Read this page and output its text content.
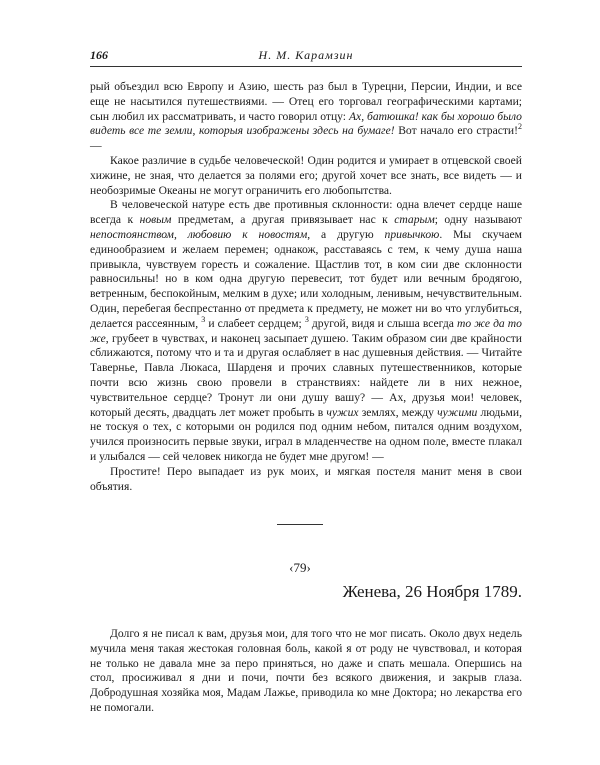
166	Н. М. Карамзин

рый объездил всю Европу и Азию, шесть раз был в Турецни, Персии, Индии, и все еще не насытился путешествиями. — Отец его торговал географическими картами; сын любил их рассматривать, и часто говорил отцу: Ах, батюшка! как бы хорошо было видеть все те земли, которыя изображены здесь на бумаге! Вот начало его страсти!$^2$ —

Какое различие в судьбе человеческой! Один родится и умирает в отцевской своей хижине, не зная, что делается за полями его; другой хочет все знать, все видеть — и необозримые Океаны не могут ограничить его любопытства.

В человеческой натуре есть две противныя склонности: одна влечет сердце наше всегда к новым предметам, а другая привязывает нас к старым; одну называют непостоянством, любовию к новостям, а другую привычкою. Мы скучаем единообразием и желаем перемен; однакож, расставаясь с тем, к чему душа наша привыкла, чувствуем горесть и сожаление. Щастлив тот, в ком сии две склонности равносильны! но в ком одна другую перевесит, тот будет или вечным бродягою, ветренным, беспокойным, мелким в духе; или холодным, ленивым, нечувствительным. Один, перебегая беспрестанно от предмета к предмету, не может ни во что углубиться, делается рассеянным, $^3$ и слабеет сердцем; $^3$ другой, видя и слыша всегда то же да то же, грубеет в чувствах, и наконец засыпает душею. Таким образом сии две крайности сближаются, потому что и та и другая ослабляет в нас душевныя действия. — Читайте Тавернье, Павла Люкаса, Шарденя и прочих славных путешественников, которые почти всю жизнь свою провели в странствиях: найдете ли в них нежное, чувствительное сердце? Тронут ли они душу вашу? — Ах, друзья мои! человек, который десять, двадцать лет может пробыть в чужих землях, между чужими людьми, не тоскуя о тех, с которыми он родился под одним небом, питался одним воздухом, учился произносить первые звуки, играл в младенчестве на одном поле, вместе плакал и улыбался — сей человек никогда не будет мне другом! —

Простите! Перо выпадает из рук моих, и мягкая постеля манит меня в свои объятия.

‹79›
Женева, 26 Ноября 1789.

Долго я не писал к вам, друзья мои, для того что не мог писать. Около двух недель мучила меня такая жестокая головная боль, какой я от роду не чувствовал, и которая не только не давала мне за перо приняться, но даже и спать мешала. Опершись на стол, просиживал я дни и почи, почти без всякого движения, и закрыв глаза. Добродушная хозяйка моя, Мадам Лажье, приводила ко мне Доктора; но лекарства его не помогали.
